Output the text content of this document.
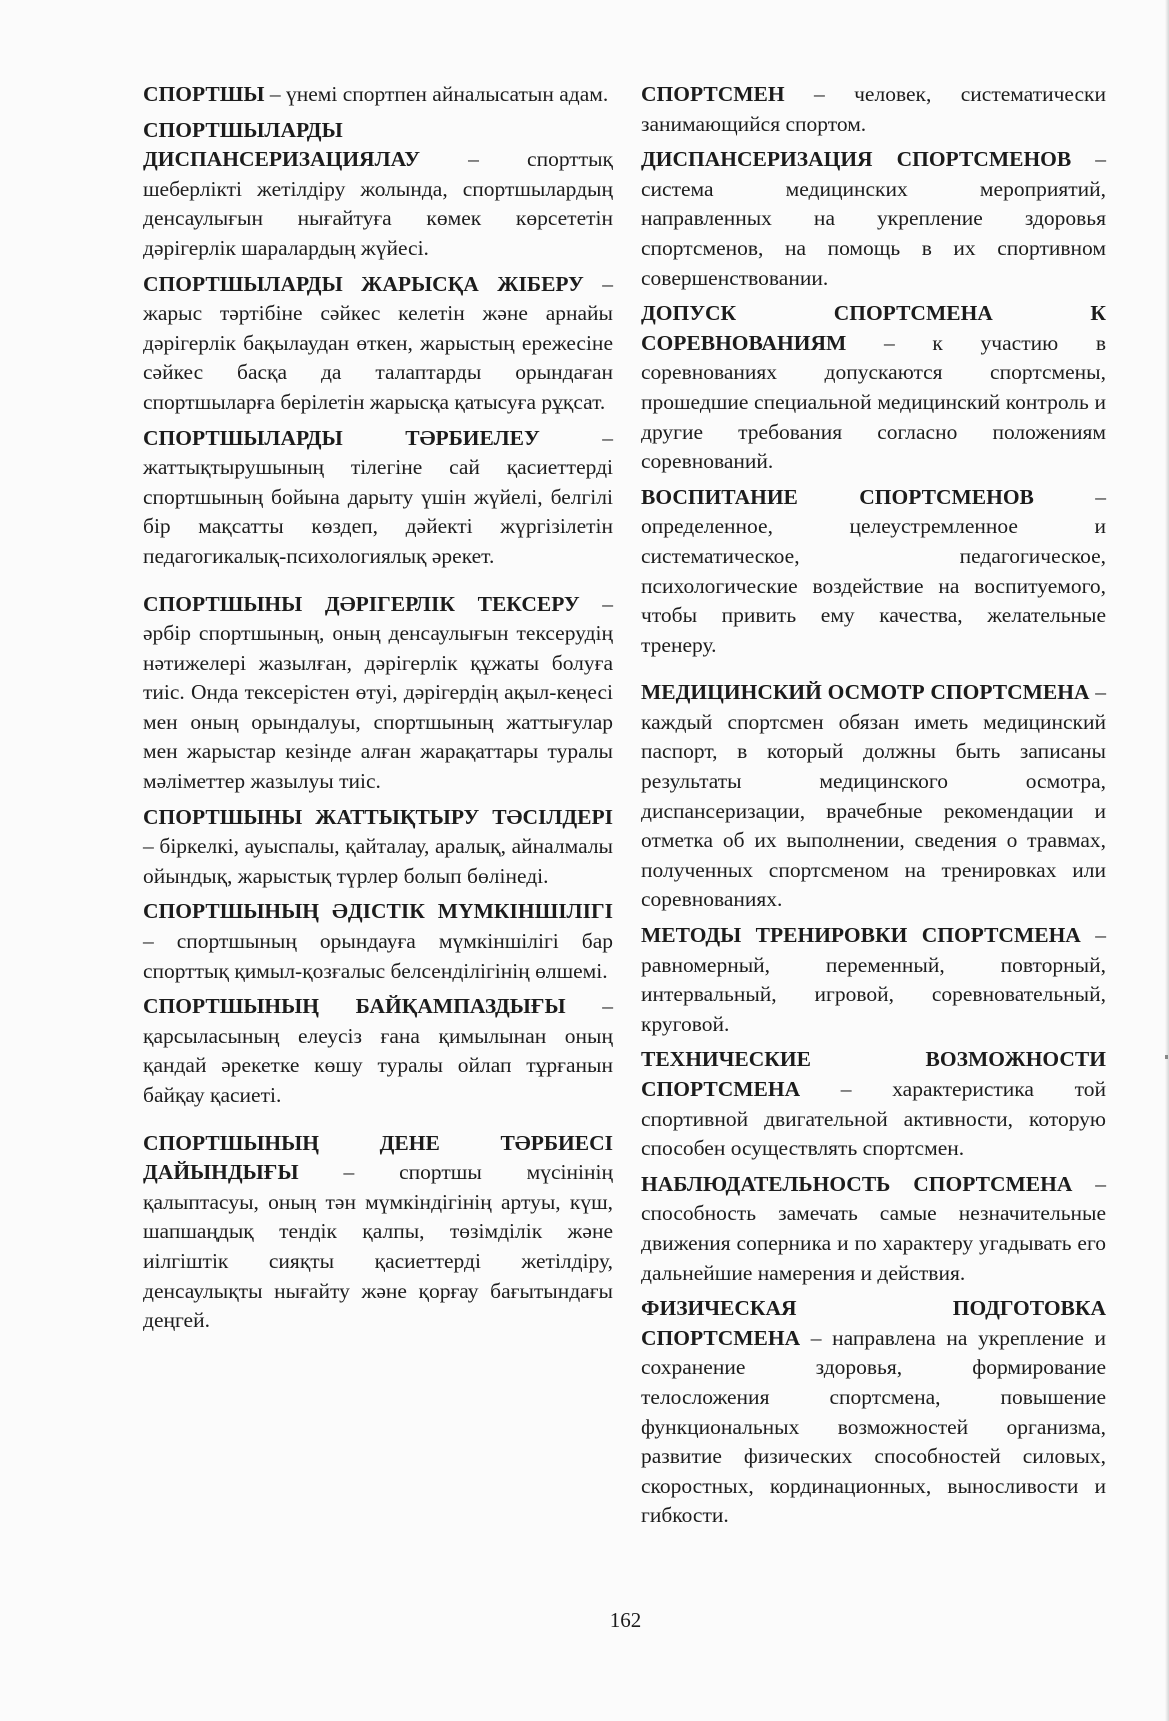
СПОРТШЫ – үнемі спортпен айналысатын адам.

СПОРТШЫЛАРДЫ ДИСПАНСЕРИЗАЦИЯЛАУ – спорттық шеберлікті жетілдіру жолында, спортшылардың денсаулығын нығайтуға көмек көрсететін дәрігерлік шаралардың жүйесі.

СПОРТШЫЛАРДЫ ЖАРЫСҚА ЖІБЕРУ – жарыс тәртібіне сәйкес келетін және арнайы дәрігерлік бақылаудан өткен, жарыстың ережесіне сәйкес басқа да талаптарды орындаған спортшыларға берілетін жарысқа қатысуға рұқсат.

СПОРТШЫЛАРДЫ ТӘРБИЕЛЕУ – жаттықтырушының тілегіне сай қасиеттерді спортшының бойына дарыту үшін жүйелі, белгілі бір мақсатты көздеп, дәйекті жүргізілетін педагогикалық-психологиялық әрекет.

СПОРТШЫНЫ ДӘРІГЕРЛІК ТЕКСЕРУ – әрбір спортшының, оның денсаулығын тексерудің нәтижелері жазылған, дәрігерлік құжаты болуға тиіс. Онда тексерістен өтуі, дәрігердің ақыл-кеңесі мен оның орындалуы, спортшының жаттығулар мен жарыстар кезінде алған жарақаттары туралы мәліметтер жазылуы тиіс.

СПОРТШЫНЫ ЖАТТЫҚТЫРУ ТӘСІЛДЕРІ – біркелкі, ауыспалы, қайталау, аралық, айналмалы ойындық, жарыстық түрлер болып бөлінеді.

СПОРТШЫНЫҢ ӘДІСТІК МҮМКІНШІЛІГІ – спортшының орындауға мүмкіншілігі бар спорттық қимыл-қозғалыс белсенділігінің өлшемі.

СПОРТШЫНЫҢ БАЙҚАМПАЗДЫҒЫ – қарсыласының елеусіз ғана қимылынан оның қандай әрекетке көшу туралы ойлап тұрғанын байқау қасиеті.

СПОРТШЫНЫҢ ДЕНЕ ТӘРБИЕСІ ДАЙЫНДЫҒЫ – спортшы мүсінінің қалыптасуы, оның тән мүмкіндігінің артуы, күш, шапшаңдық тендік қалпы, төзімділік және иілгіштік сияқты қасиеттерді жетілдіру, денсаулықты нығайту және қорғау бағытындағы деңгей.

СПОРТСМЕН – человек, систематически занимающийся спортом.

ДИСПАНСЕРИЗАЦИЯ СПОРТСМЕНОВ – система медицинских мероприятий, направленных на укрепление здоровья спортсменов, на помощь в их спортивном совершенствовании.

ДОПУСК СПОРТСМЕНА К СОРЕВНОВАНИЯМ – к участию в соревнованиях допускаются спортсмены, прошедшие специальной медицинский контроль и другие требования согласно положениям соревнований.

ВОСПИТАНИЕ СПОРТСМЕНОВ – определенное, целеустремленное и систематическое, педагогическое, психологические воздействие на воспитуемого, чтобы привить ему качества, желательные тренеру.

МЕДИЦИНСКИЙ ОСМОТР СПОРТСМЕНА – каждый спортсмен обязан иметь медицинский паспорт, в который должны быть записаны результаты медицинского осмотра, диспансеризации, врачебные рекомендации и отметка об их выполнении, сведения о травмах, полученных спортсменом на тренировках или соревнованиях.

МЕТОДЫ ТРЕНИРОВКИ СПОРТСМЕНА – равномерный, переменный, повторный, интервальный, игровой, соревновательный, круговой.

ТЕХНИЧЕСКИЕ ВОЗМОЖНОСТИ СПОРТСМЕНА – характеристика той спортивной двигательной активности, которую способен осуществлять спортсмен.

НАБЛЮДАТЕЛЬНОСТЬ СПОРТСМЕНА – способность замечать самые незначительные движения соперника и по характеру угадывать его дальнейшие намерения и действия.

ФИЗИЧЕСКАЯ ПОДГОТОВКА СПОРТСМЕНА – направлена на укрепление и сохранение здоровья, формирование телосложения спортсмена, повышение функциональных возможностей организма, развитие физических способностей силовых, скоростных, кординационных, выносливости и гибкости.

162
